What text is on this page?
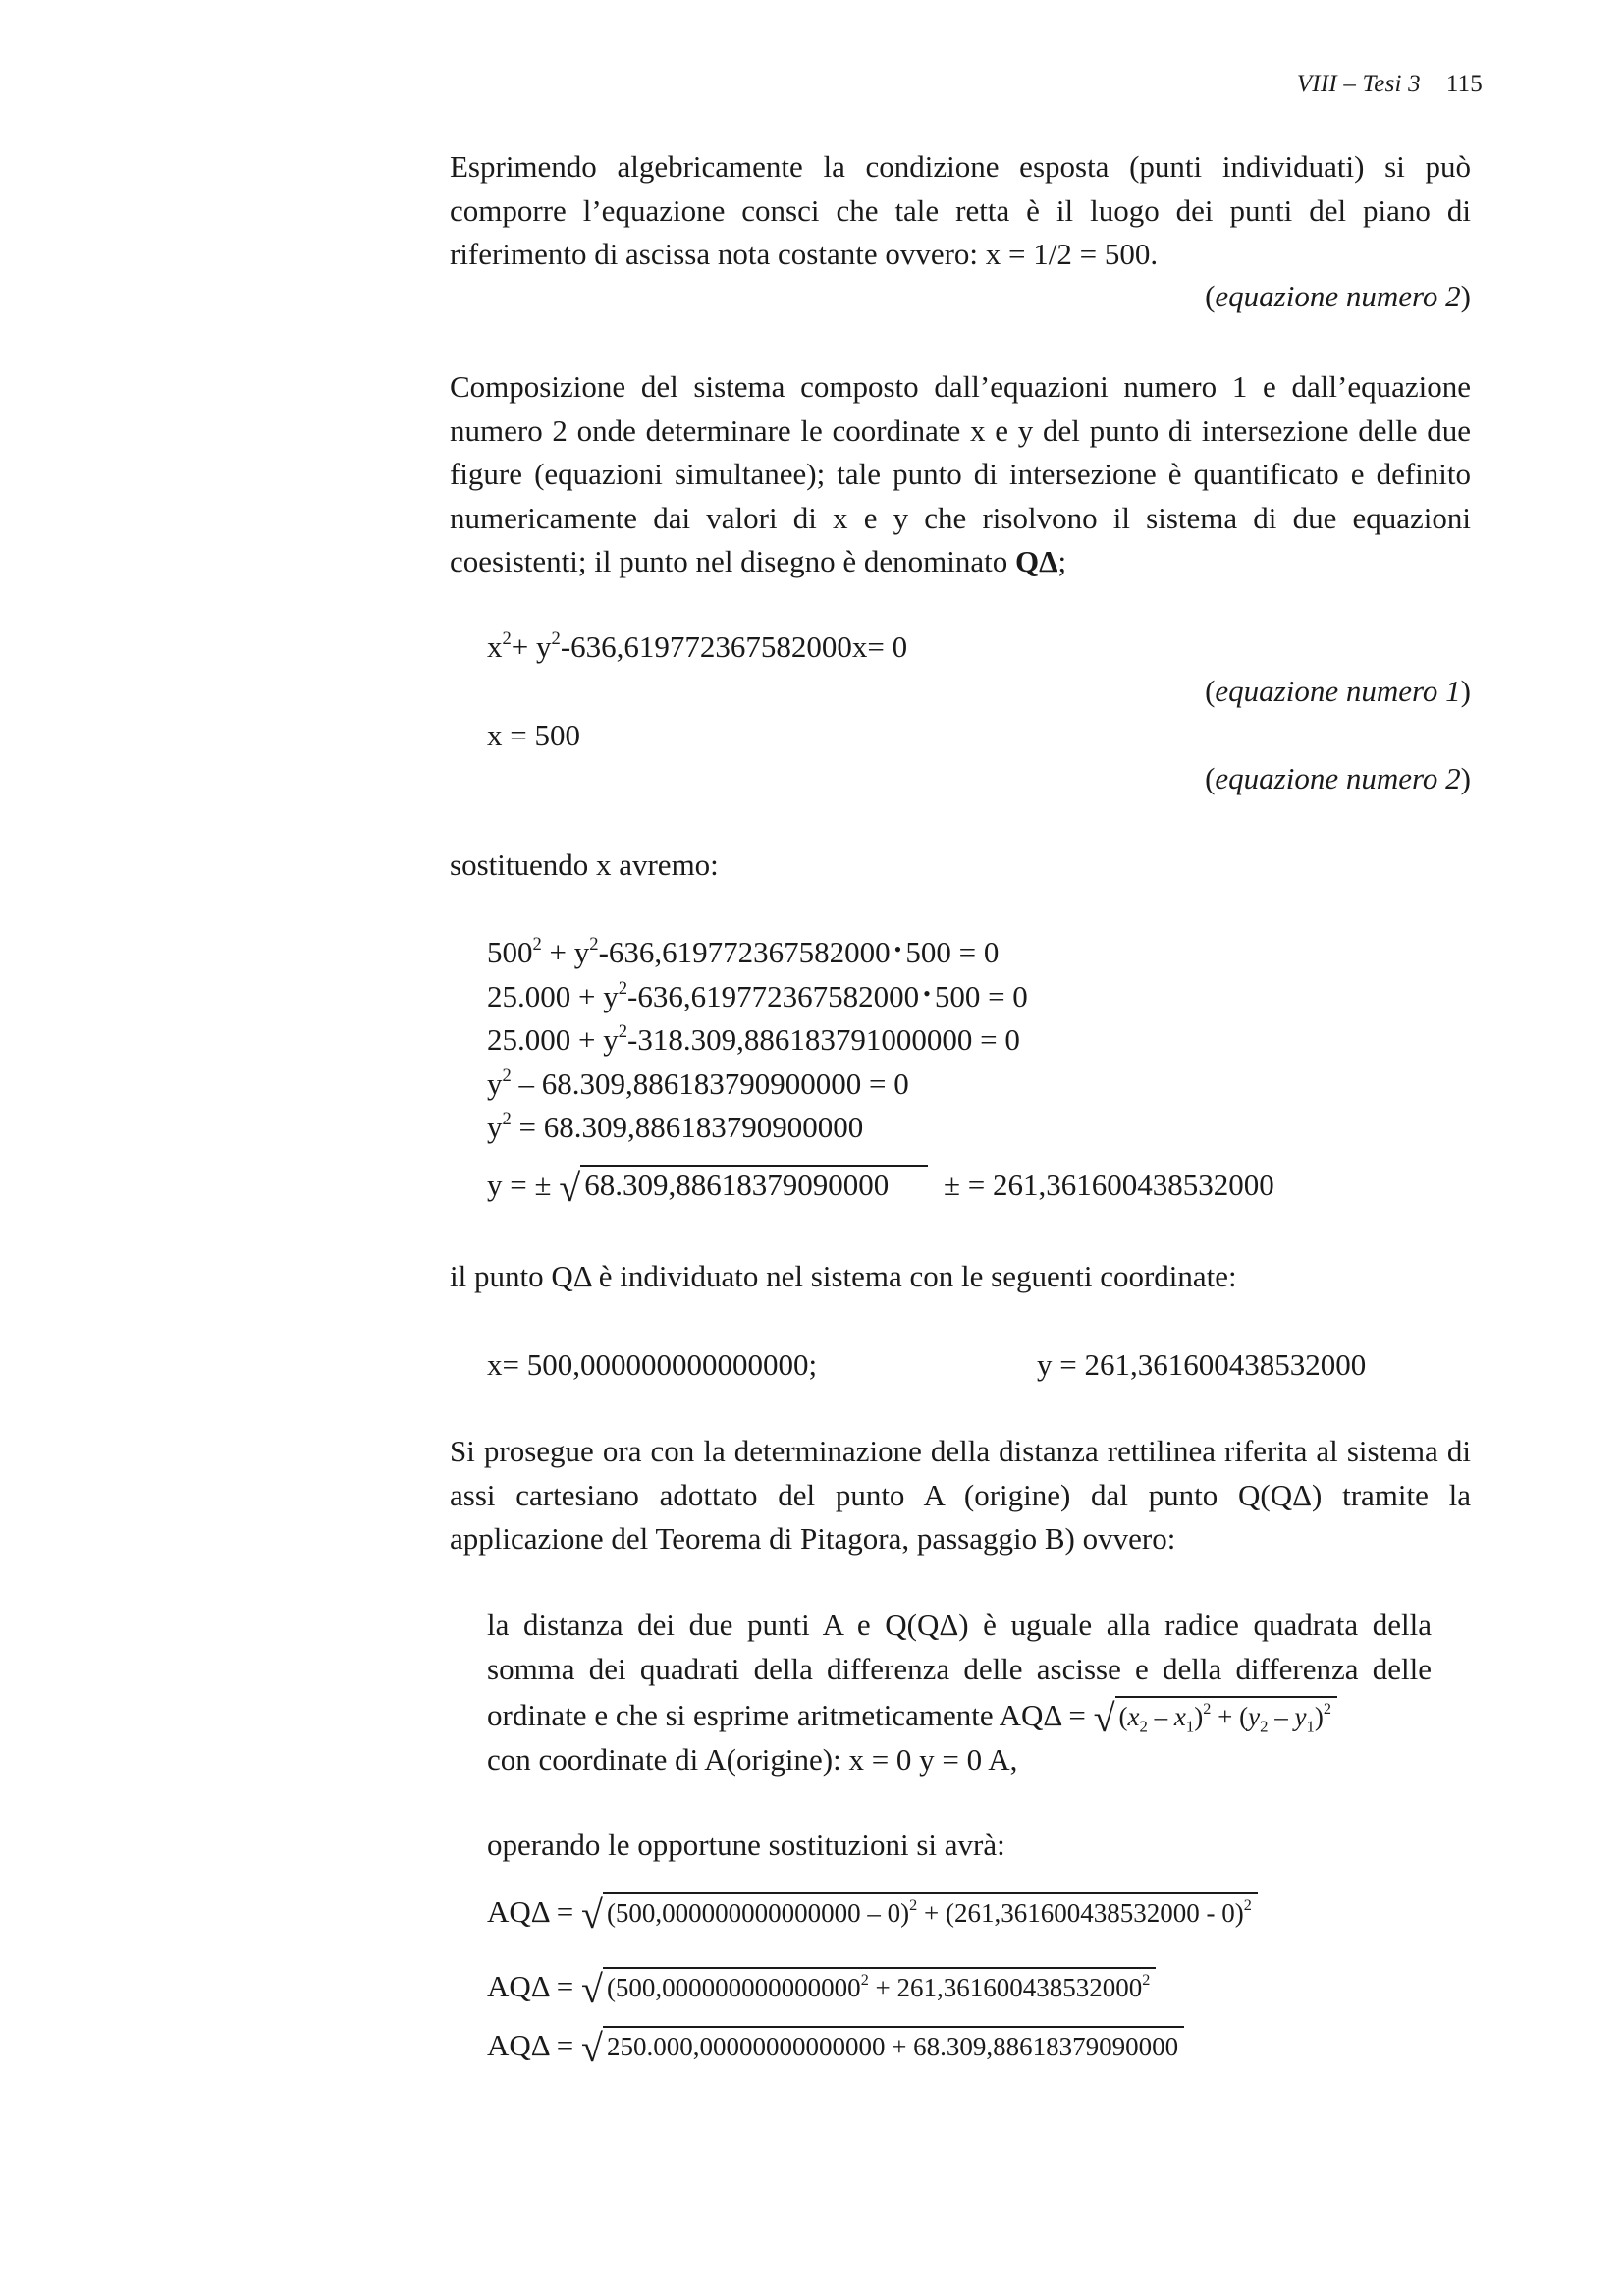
VIII – Tesi 3 115
Esprimendo algebricamente la condizione esposta (punti individuati) si può comporre l’equazione consci che tale retta è il luogo dei punti del piano di riferimento di ascissa nota costante ovvero: x = 1/2 = 500.
(equazione numero 2)
Composizione del sistema composto dall’equazioni numero 1 e dall’equazione numero 2 onde determinare le coordinate x e y del punto di intersezione delle due figure (equazioni simultanee); tale punto di intersezione è quantificato e definito numericamente dai valori di x e y che risolvono il sistema di due equazioni coesistenti; il punto nel disegno è denominato QΔ;
$x^2+ y^2-636,619772367582000x= 0$
(equazione numero 1)
x = 500
(equazione numero 2)
sostituendo x avremo:
$500^2 + y^2-636,619772367582000$ • 500 = 0
$25.000 + y^2-636,619772367582000$ • 500 = 0
$25.000 + y^2-318.309,886183791000000 = 0$
$y^2 - 68.309,886183790900000 = 0$
$y^2 = 68.309,886183790900000$
y = ± √ 68.309,88618379090000 ± = 261,361600438532000
il punto QΔ è individuato nel sistema con le seguenti coordinate:
x= 500,000000000000000;	y = 261,361600438532000
Si prosegue ora con la determinazione della distanza rettilinea riferita al sistema di assi cartesiano adottato del punto A (origine) dal punto Q(QΔ) tramite la applicazione del Teorema di Pitagora, passaggio B) ovvero:
la distanza dei due punti A e Q(QΔ) è uguale alla radice quadrata della somma dei quadrati della differenza delle ascisse e della differenza delle ordinate e che si esprime aritmeticamente AQΔ = √ $(x_2 - x_1)^2 + (y_2 - y_1)^2$
con coordinate di A(origine): x = 0 y = 0 A,
operando le opportune sostituzioni si avrà:
AQΔ = √ (500,000000000000000 – 0)$^2$ + (261,361600438532000 - 0)$^2$
AQΔ = √ ($500,000000000000000^2 + 261,361600438532000^2$
AQΔ = √ 250.000,00000000000000 + 68.309,88618379090000
